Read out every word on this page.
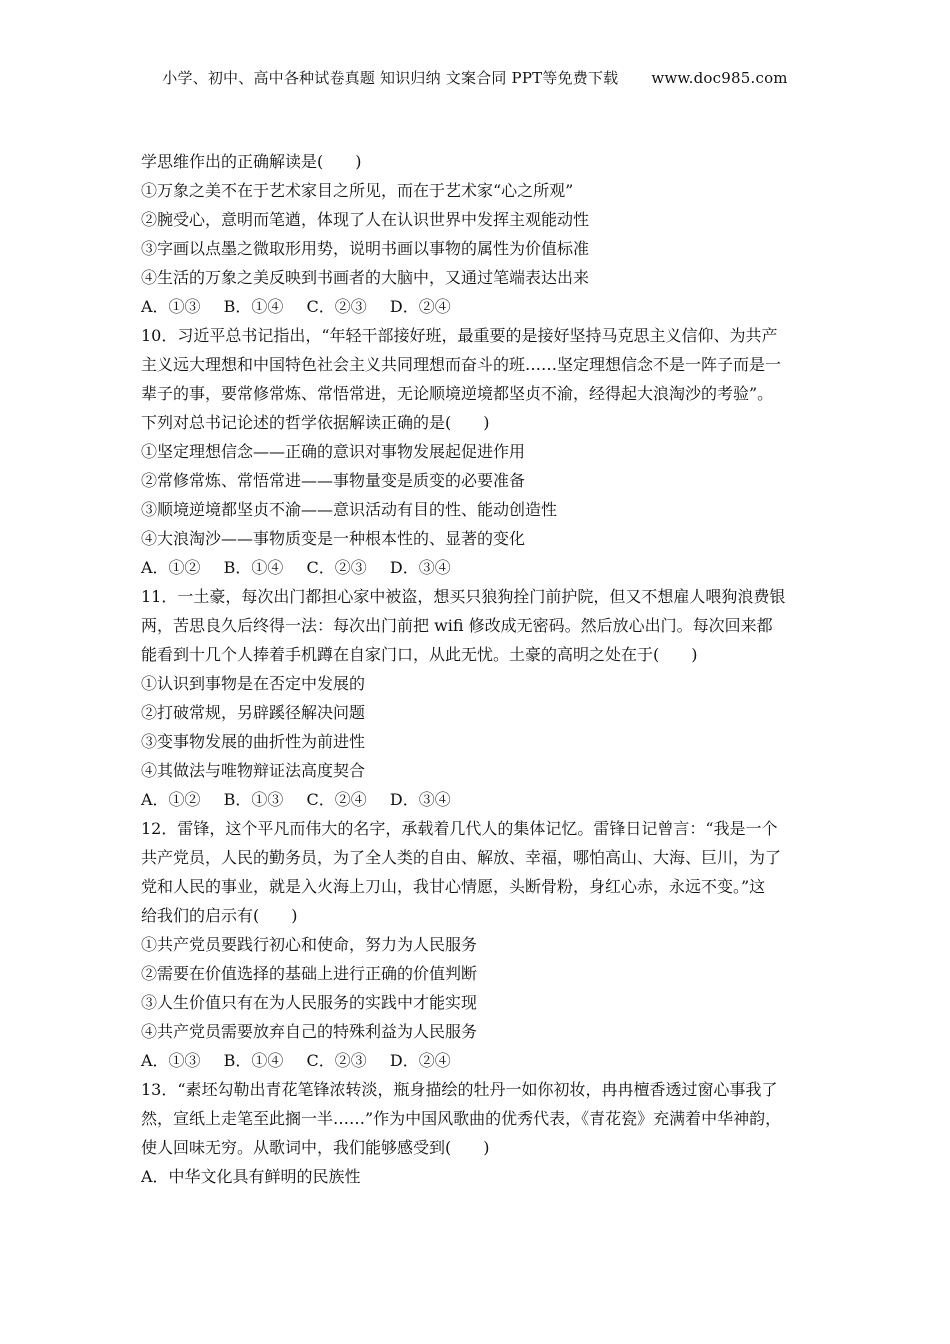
小学、初中、高中各种试卷真题 知识归纳 文案合同 PPT等免费下载 www.doc985.com
学思维作出的正确解读是(　　)
①万象之美不在于艺术家目之所见，而在于艺术家“心之所观”
②腕受心，意明而笔遒，体现了人在认识世界中发挥主观能动性
③字画以点墨之微取形用势，说明书画以事物的属性为价值标准
④生活的万象之美反映到书画者的大脑中，又通过笔端表达出来
A．①③ B．①④ C．②③ D．②④
10．习近平总书记指出，“年轻干部接好班，最重要的是接好坚持马克思主义信仰、为共产
主义远大理想和中国特色社会主义共同理想而奋斗的班……坚定理想信念不是一阵子而是一
辈子的事，要常修常炼、常悟常进，无论顺境逆境都坚贞不渝，经得起大浪淘沙的考验”。
下列对总书记论述的哲学依据解读正确的是(　　)
①坚定理想信念——正确的意识对事物发展起促进作用
②常修常炼、常悟常进——事物量变是质变的必要准备
③顺境逆境都坚贞不渝——意识活动有目的性、能动创造性
④大浪淘沙——事物质变是一种根本性的、显著的变化
A．①② B．①④ C．②③ D．③④
11．一土豪，每次出门都担心家中被盗，想买只狼狗拴门前护院，但又不想雇人喂狗浪费银
两，苦思良久后终得一法：每次出门前把 wifi 修改成无密码。然后放心出门。每次回来都
能看到十几个人捧着手机蹲在自家门口，从此无忧。土豪的高明之处在于(　　)
①认识到事物是在否定中发展的
②打破常规，另辟蹊径解决问题
③变事物发展的曲折性为前进性
④其做法与唯物辩证法高度契合
A．①② B．①③ C．②④ D．③④
12．雷锋，这个平凡而伟大的名字，承载着几代人的集体记忆。雷锋日记曾言：“我是一个
共产党员，人民的勤务员，为了全人类的自由、解放、幸福，哪怕高山、大海、巨川，为了
党和人民的事业，就是入火海上刀山，我甘心情愿，头断骨粉，身红心赤，永远不变。”这
给我们的启示有(　　)
①共产党员要践行初心和使命，努力为人民服务
②需要在价值选择的基础上进行正确的价值判断
③人生价值只有在为人民服务的实践中才能实现
④共产党员需要放弃自己的特殊利益为人民服务
A．①③ B．①④ C．②③ D．②④
13．“素坯勾勒出青花笔锋浓转淡，瓶身描绘的牡丹一如你初妆，冉冉檀香透过窗心事我了
然，宣纸上走笔至此搁一半……”作为中国风歌曲的优秀代表，《青花瓷》充满着中华神韵，
使人回味无穷。从歌词中，我们能够感受到(　　)
A．中华文化具有鲜明的民族性
